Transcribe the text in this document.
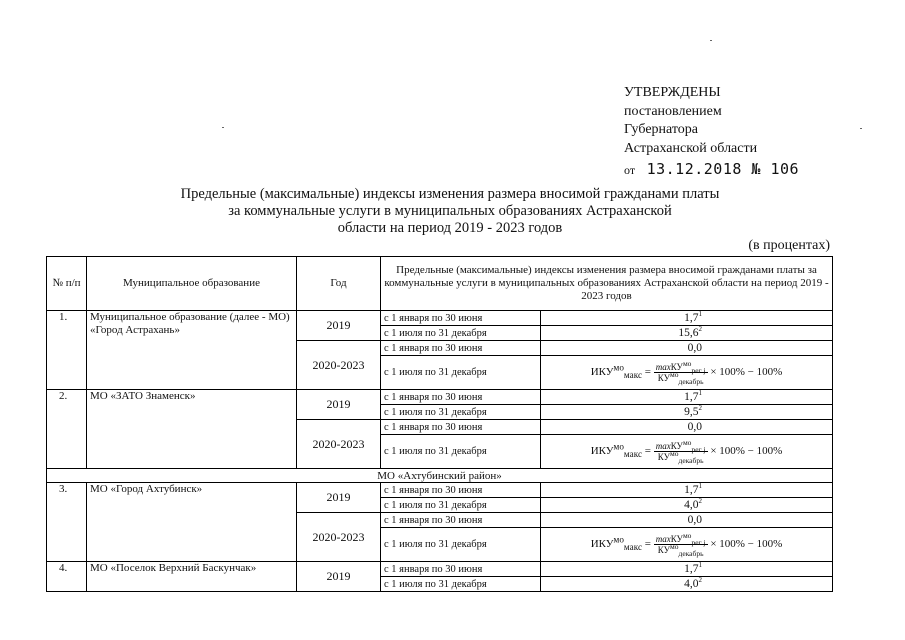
УТВЕРЖДЕНЫ
постановлением
Губернатора
Астраханской области
от 13.12.2018 № 106
Предельные (максимальные) индексы изменения размера вносимой гражданами платы
за коммунальные услуги в муниципальных образованиях Астраханской
области на период 2019 - 2023 годов
(в процентах)
№ п/п	Муниципальное образование	Год	Предельные (максимальные) индексы изменения размера вносимой гражданами платы за коммунальные услуги в муниципальных образованиях Астраханской области на период 2019 - 2023 годов	
1.	Муниципальное образование (далее - МО) «Город Астрахань»	2019	с 1 января по 30 июня	$1,7^1$
			с 1 июля по 31 декабря	15,6$^2$
		2020-2023	с 1 января по 30 июня	0,0
			с 1 июля по 31 декабря	$ИКУ^{мо}_{макс} = \frac{\max КУ^{мо}_{рег j}}{КУ^{мо}_{декабрь}} \times 100\% - 100\%$
2.	МО «ЗАТО Знаменск»	2019	с 1 января по 30 июня	$1,7^1$
			с 1 июля по 31 декабря	$9,5^2$
		2020-2023	с 1 января по 30 июня	0,0
			с 1 июля по 31 декабря	$ИКУ^{мо}_{макс} = \frac{\max КУ^{мо}_{рег j}}{КУ^{мо}_{декабрь}} \times 100\% - 100\%$
МО «Ахтубинский район»				
3.	МО «Город Ахтубинск»	2019	с 1 января по 30 июня	$1,7^1$
			с 1 июля по 31 декабря	$4,0^2$
		2020-2023	с 1 января по 30 июня	0,0
			с 1 июля по 31 декабря	$ИКУ^{мо}_{макс} = \frac{\max КУ^{мо}_{рег j}}{КУ^{мо}_{декабрь}} \times 100\% - 100\%$
4.	МО «Поселок Верхний Баскунчак»	2019	с 1 января по 30 июня	$1,7^1$
			с 1 июля по 31 декабря	$4,0^2$
